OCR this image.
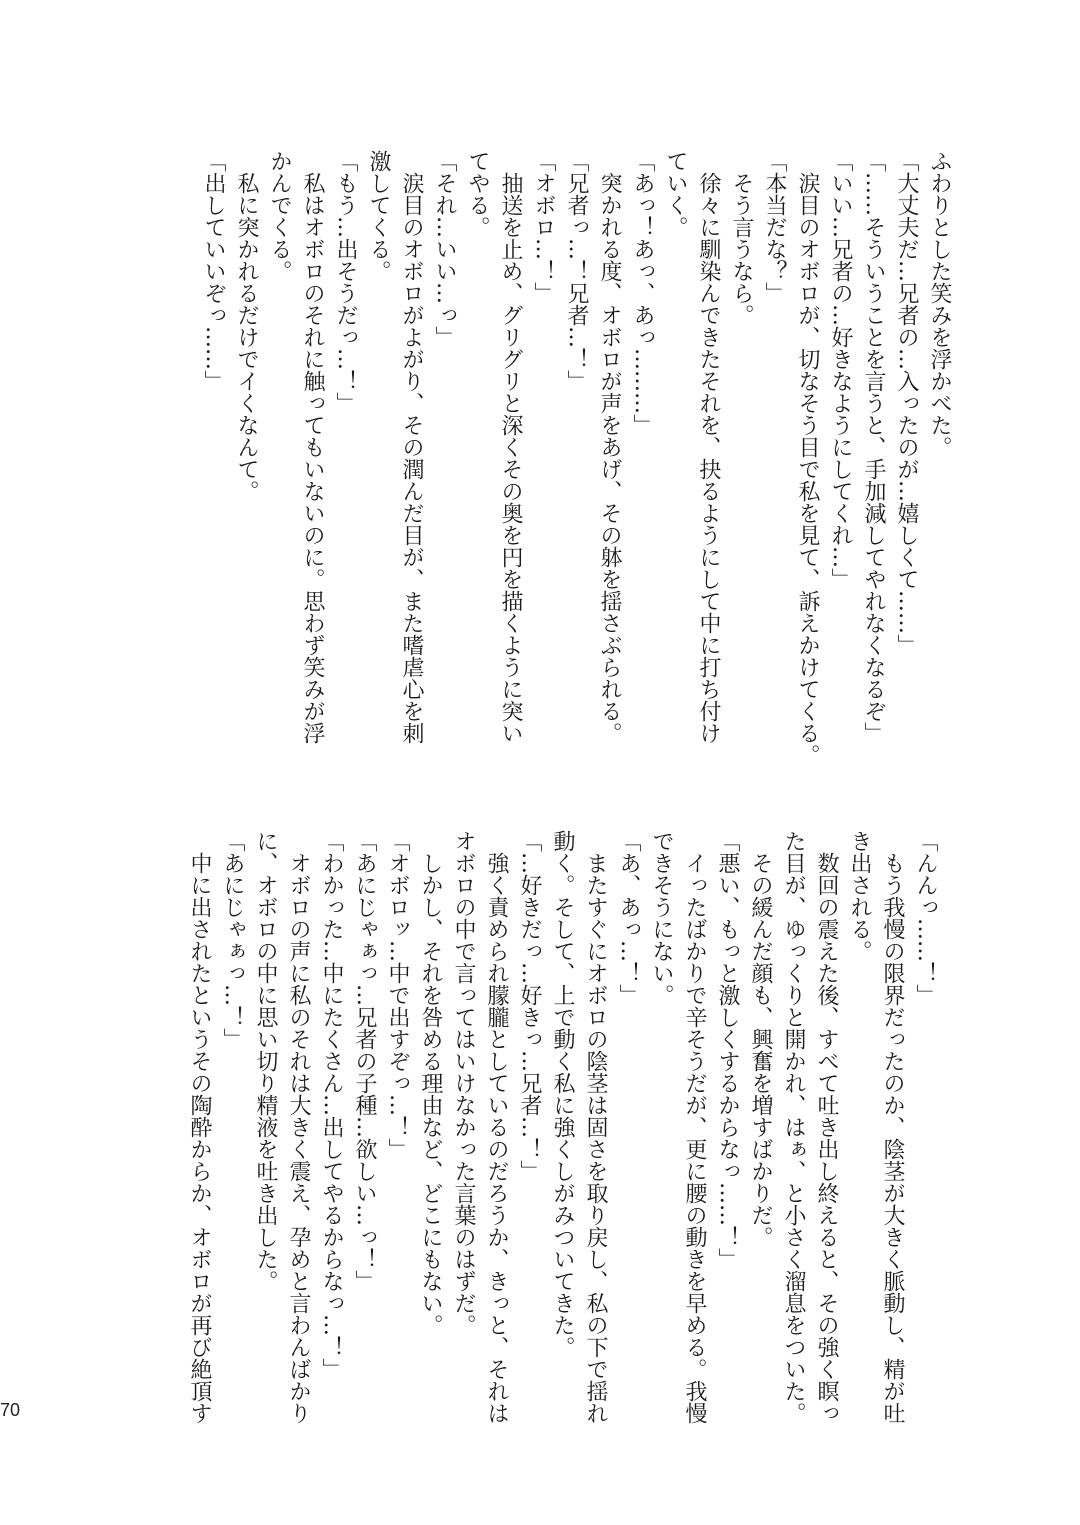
ふわりとした笑みを浮かべた。
「大丈夫だ…兄者の…入ったのが…嬉しくて……」
「……そういうことを言うと、手加減してやれなくなるぞ」
「いい…兄者の…好きなようにしてくれ…」
涙目のオボロが、切なそう目で私を見て、訴えかけてくる。
「本当だな？」
そう言うなら。
徐々に馴染んできたそれを、抉るようにして中に打ち付け
ていく。
「あっ！あっ、あっ………」
突かれる度、オボロが声をあげ、その躰を揺さぶられる。
「兄者っ…！兄者…！」
「オボロ…！」
抽送を止め、グリグリと深くその奥を円を描くように突い
てやる。
「それ…いい…っ」
涙目のオボロがよがり、その潤んだ目が、また嗜虐心を刺
激してくる。
「もう…出そうだっ…！」
私はオボロのそれに触ってもいないのに。思わず笑みが浮
かんでくる。
私に突かれるだけでイくなんて。
「出していいぞっ……」
「んんっ……！」
もう我慢の限界だったのか、陰茎が大きく脈動し、精が吐
き出される。
数回の震えた後、すべて吐き出し終えると、その強く瞑っ
た目が、ゆっくりと開かれ、はぁ、と小さく溜息をついた。
その緩んだ顔も、興奮を増すばかりだ。
「悪い、もっと激しくするからなっ……！」
イったばかりで辛そうだが、更に腰の動きを早める。我慢
できそうにない。
「あ、あっ…！」
またすぐにオボロの陰茎は固さを取り戻し、私の下で揺れ
動く。そして、上で動く私に強くしがみついてきた。
「…好きだっ…好きっ…兄者…！」
強く責められ朦朧としているのだろうか、きっと、それは
オボロの中で言ってはいけなかった言葉のはずだ。
しかし、それを咎める理由など、どこにもない。
「オボロッ…中で出すぞっ…！」
「あにじゃぁっ…兄者の子種…欲しい…っ！」
「わかった…中にたくさん…出してやるからなっ…！」
オボロの声に私のそれは大きく震え、孕めと言わんばかり
に、オボロの中に思い切り精液を吐き出した。
「あにじゃぁっ…！」
中に出されたというその陶酔からか、オボロが再び絶頂す
70
